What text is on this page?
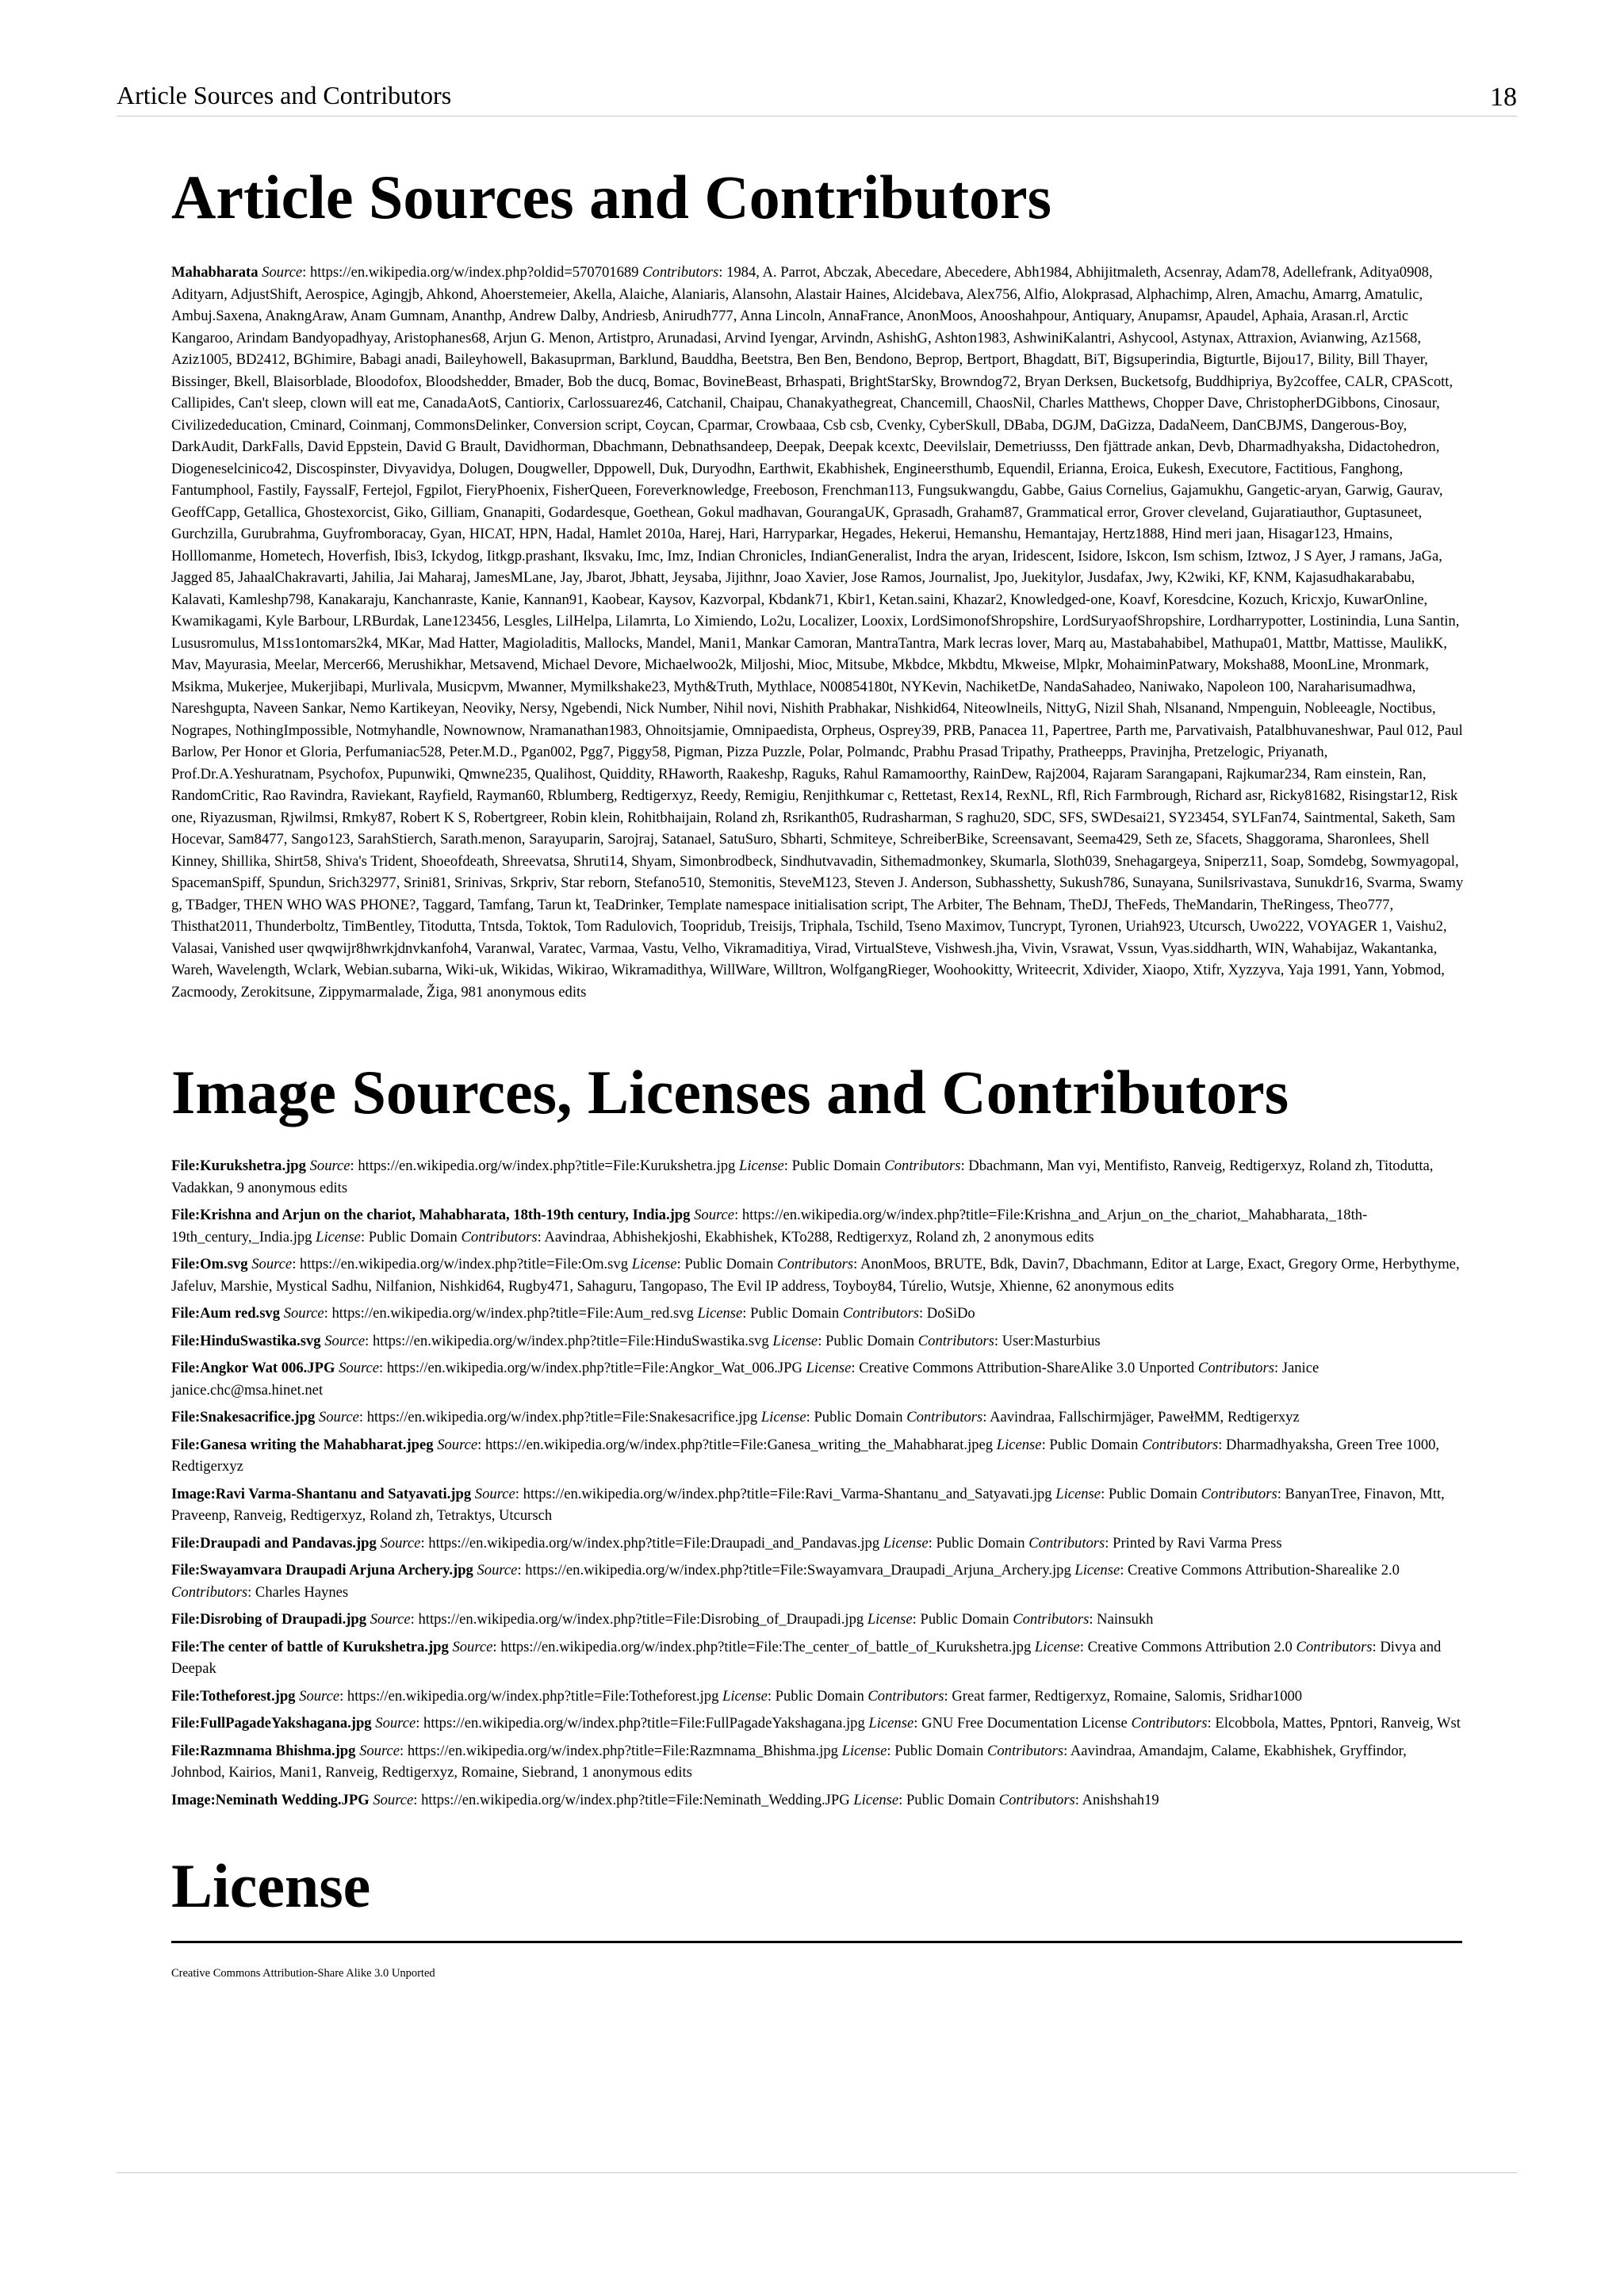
Article Sources and Contributors	18
Article Sources and Contributors

Mahabharata Source: https://en.wikipedia.org/w/index.php?oldid=570701689 Contributors: 1984, A. Parrot, Abczak, Abecedare, Abecedere, Abh1984, Abhijitmaleth, Acsenray, Adam78, Adellefrank, Aditya0908, Adityarn, AdjustShift, Aerospice, Agingjb, Ahkond, Ahoerstemeier, Akella, Alaiche, Alaniaris, Alansohn, Alastair Haines, Alcidebava, Alex756, Alfio, Alokprasad, Alphachimp, Alren, Amachu, Amarrg, Amatulic, Ambuj.Saxena, AnakngAraw, Anam Gumnam, Ananthp, Andrew Dalby, Andriesb, Anirudh777, Anna Lincoln, AnnaFrance, AnonMoos, Anooshahpour, Antiquary, Anupamsr, Apaudel, Aphaia, Arasan.rl, Arctic Kangaroo, Arindam Bandyopadhyay, Aristophanes68, Arjun G. Menon, Artistpro, Arunadasi, Arvind Iyengar, Arvindn, AshishG, Ashton1983, AshwiniKalantri, Ashycool, Astynax, Attraxion, Avianwing, Az1568, Aziz1005, BD2412, BGhimire, Babagi anadi, Baileyhowell, Bakasuprman, Barklund, Bauddha, Beetstra, Ben Ben, Bendono, Beprop, Bertport, Bhagdatt, BiT, Bigsuperindia, Bigturtle, Bijou17, Bility, Bill Thayer, Bissinger, Bkell, Blaisorblade, Bloodofox, Bloodshedder, Bmader, Bob the ducq, Bomac, BovineBeast, Brhaspati, BrightStarSky, Browndog72, Bryan Derksen, Bucketsofg, Buddhipriya, By2coffee, CALR, CPAScott, Callipides, Can't sleep, clown will eat me, CanadaAotS, Cantiorix, Carlossuarez46, Catchanil, Chaipau, Chanakyathegreat, Chancemill, ChaosNil, Charles Matthews, Chopper Dave, ChristopherDGibbons, Cinosaur, Civilizededucation, Cminard, Coinmanj, CommonsDelinker, Conversion script, Coycan, Cparmar, Crowbaaa, Csb csb, Cvenky, CyberSkull, DBaba, DGJM, DaGizza, DadaNeem, DanCBJMS, Dangerous-Boy, DarkAudit, DarkFalls, David Eppstein, David G Brault, Davidhorman, Dbachmann, Debnathsandeep, Deepak, Deepak kcextc, Deevilslair, Demetriusss, Den fjättrade ankan, Devb, Dharmadhyaksha, Didactohedron, Diogeneselcinico42, Discospinster, Divyavidya, Dolugen, Dougweller, Dppowell, Duk, Duryodhn, Earthwit, Ekabhishek, Engineersthumb, Equendil, Erianna, Eroica, Eukesh, Executore, Factitious, Fanghong, Fantumphool, Fastily, FayssalF, Fertejol, Fgpilot, FieryPhoenix, FisherQueen, Foreverknowledge, Freeboson, Frenchman113, Fungsukwangdu, Gabbe, Gaius Cornelius, Gajamukhu, Gangetic-aryan, Garwig, Gaurav, GeoffCapp, Getallica, Ghostexorcist, Giko, Gilliam, Gnanapiti, Godardesque, Goethean, Gokul madhavan, GourangaUK, Gprasadh, Graham87, Grammatical error, Grover cleveland, Gujaratiauthor, Guptasuneet, Gurchzilla, Gurubrahma, Guyfromboracay, Gyan, HICAT, HPN, Hadal, Hamlet 2010a, Harej, Hari, Harryparkar, Hegades, Hekerui, Hemanshu, Hemantajay, Hertz1888, Hind meri jaan, Hisagar123, Hmains, Holllomanme, Hometech, Hoverfish, Ibis3, Ickydog, Iitkgp.prashant, Iksvaku, Imc, Imz, Indian Chronicles, IndianGeneralist, Indra the aryan, Iridescent, Isidore, Iskcon, Ism schism, Iztwoz, J S Ayer, J ramans, JaGa, Jagged 85, JahaalChakravarti, Jahilia, Jai Maharaj, JamesMLane, Jay, Jbarot, Jbhatt, Jeysaba, Jijithnr, Joao Xavier, Jose Ramos, Journalist, Jpo, Juekitylor, Jusdafax, Jwy, K2wiki, KF, KNM, Kajasudhakarababu, Kalavati, Kamleshp798, Kanakaraju, Kanchanraste, Kanie, Kannan91, Kaobear, Kaysov, Kazvorpal, Kbdank71, Kbir1, Ketan.saini, Khazar2, Knowledged-one, Koavf, Koresdcine, Kozuch, Kricxjo, KuwarOnline, Kwamikagami, Kyle Barbour, LRBurdak, Lane123456, Lesgles, LilHelpa, Lilamrta, Lo Ximiendo, Lo2u, Localizer, Looxix, LordSimonofShropshire, LordSuryaofShropshire, Lordharrypotter, Lostinindia, Luna Santin, Lususromulus, M1ss1ontomars2k4, MKar, Mad Hatter, Magioladitis, Mallocks, Mandel, Mani1, Mankar Camoran, MantraTantra, Mark lecras lover, Marq au, Mastabahabibel, Mathupa01, Mattbr, Mattisse, MaulikK, Mav, Mayurasia, Meelar, Mercer66, Merushikhar, Metsavend, Michael Devore, Michaelwoo2k, Miljoshi, Mioc, Mitsube, Mkbdce, Mkbdtu, Mkweise, Mlpkr, MohaiminPatwary, Moksha88, MoonLine, Mronmark, Msikma, Mukerjee, Mukerjibapi, Murlivala, Musicpvm, Mwanner, Mymilkshake23, Myth&Truth, Mythlace, N00854180t, NYKevin, NachiketDe, NandaSahadeo, Naniwako, Napoleon 100, Naraharisumadhwa, Nareshgupta, Naveen Sankar, Nemo Kartikeyan, Neoviky, Nersy, Ngebendi, Nick Number, Nihil novi, Nishith Prabhakar, Nishkid64, Niteowlneils, NittyG, Nizil Shah, Nlsanand, Nmpenguin, Nobleeagle, Noctibus, Nograpes, NothingImpossible, Notmyhandle, Nownownow, Nramanathan1983, Ohnoitsjamie, Omnipaedista, Orpheus, Osprey39, PRB, Panacea 11, Papertree, Parth me, Parvativaish, Patalbhuvaneshwar, Paul 012, Paul Barlow, Per Honor et Gloria, Perfumaniac528, Peter.M.D., Pgan002, Pgg7, Piggy58, Pigman, Pizza Puzzle, Polar, Polmandc, Prabhu Prasad Tripathy, Pratheepps, Pravinjha, Pretzelogic, Priyanath, Prof.Dr.A.Yeshuratnam, Psychofox, Pupunwiki, Qmwne235, Qualihost, Quiddity, RHaworth, Raakeshp, Raguks, Rahul Ramamoorthy, RainDew, Raj2004, Rajaram Sarangapani, Rajkumar234, Ram einstein, Ran, RandomCritic, Rao Ravindra, Raviekant, Rayfield, Rayman60, Rblumberg, Redtigerxyz, Reedy, Remigiu, Renjithkumar c, Rettetast, Rex14, RexNL, Rfl, Rich Farmbrough, Richard asr, Ricky81682, Risingstar12, Risk one, Riyazusman, Rjwilmsi, Rmky87, Robert K S, Robertgreer, Robin klein, Rohitbhaijain, Roland zh, Rsrikanth05, Rudrasharman, S raghu20, SDC, SFS, SWDesai21, SY23454, SYLFan74, Saintmental, Saketh, Sam Hocevar, Sam8477, Sango123, SarahStierch, Sarath.menon, Sarayuparin, Sarojraj, Satanael, SatuSuro, Sbharti, Schmiteye, SchreiberBike, Screensavant, Seema429, Seth ze, Sfacets, Shaggorama, Sharonlees, Shell Kinney, Shillika, Shirt58, Shiva's Trident, Shoeofdeath, Shreevatsa, Shruti14, Shyam, Simonbrodbeck, Sindhutvavadin, Sithemadmonkey, Skumarla, Sloth039, Snehagargeya, Sniperz11, Soap, Somdebg, Sowmyagopal, SpacemanSpiff, Spundun, Srich32977, Srini81, Srinivas, Srkpriv, Star reborn, Stefano510, Stemonitis, SteveM123, Steven J. Anderson, Subhasshetty, Sukush786, Sunayana, Sunilsrivastava, Sunukdr16, Svarma, Swamy g, TBadger, THEN WHO WAS PHONE?, Taggard, Tamfang, Tarun kt, TeaDrinker, Template namespace initialisation script, The Arbiter, The Behnam, TheDJ, TheFeds, TheMandarin, TheRingess, Theo777, Thisthat2011, Thunderboltz, TimBentley, Titodutta, Tntsda, Toktok, Tom Radulovich, Toopridub, Treisijs, Triphala, Tschild, Tseno Maximov, Tuncrypt, Tyronen, Uriah923, Utcursch, Uwo222, VOYAGER 1, Vaishu2, Valasai, Vanished user qwqwijr8hwrkjdnvkanfoh4, Varanwal, Varatec, Varmaa, Vastu, Velho, Vikramaditiya, Virad, VirtualSteve, Vishwesh.jha, Vivin, Vsrawat, Vssun, Vyas.siddharth, WIN, Wahabijaz, Wakantanka, Wareh, Wavelength, Wclark, Webian.subarna, Wiki-uk, Wikidas, Wikirao, Wikramadithya, WillWare, Willtron, WolfgangRieger, Woohookitty, Writeecrit, Xdivider, Xiaopo, Xtifr, Xyzzyva, Yaja 1991, Yann, Yobmod, Zacmoody, Zerokitsune, Zippymarmalade, Žiga, 981 anonymous edits

Image Sources, Licenses and Contributors

File:Kurukshetra.jpg Source: https://en.wikipedia.org/w/index.php?title=File:Kurukshetra.jpg License: Public Domain Contributors: Dbachmann, Man vyi, Mentifisto, Ranveig, Redtigerxyz, Roland zh, Titodutta, Vadakkan, 9 anonymous edits

File:Krishna and Arjun on the chariot, Mahabharata, 18th-19th century, India.jpg Source: https://en.wikipedia.org/w/index.php?title=File:Krishna_and_Arjun_on_the_chariot,_Mahabharata,_18th-19th_century,_India.jpg License: Public Domain Contributors: Aavindraa, Abhishekjoshi, Ekabhishek, KTo288, Redtigerxyz, Roland zh, 2 anonymous edits

File:Om.svg Source: https://en.wikipedia.org/w/index.php?title=File:Om.svg License: Public Domain Contributors: AnonMoos, BRUTE, Bdk, Davin7, Dbachmann, Editor at Large, Exact, Gregory Orme, Herbythyme, Jafeluv, Marshie, Mystical Sadhu, Nilfanion, Nishkid64, Rugby471, Sahaguru, Tangopaso, The Evil IP address, Toyboy84, Túrelio, Wutsje, Xhienne, 62 anonymous edits

File:Aum red.svg Source: https://en.wikipedia.org/w/index.php?title=File:Aum_red.svg License: Public Domain Contributors: DoSiDo

File:HinduSwastika.svg Source: https://en.wikipedia.org/w/index.php?title=File:HinduSwastika.svg License: Public Domain Contributors: User:Masturbius

File:Angkor Wat 006.JPG Source: https://en.wikipedia.org/w/index.php?title=File:Angkor_Wat_006.JPG License: Creative Commons Attribution-ShareAlike 3.0 Unported Contributors: Janice janice.chc@msa.hinet.net

File:Snakesacrifice.jpg Source: https://en.wikipedia.org/w/index.php?title=File:Snakesacrifice.jpg License: Public Domain Contributors: Aavindraa, Fallschirmjäger, PawełMM, Redtigerxyz

File:Ganesa writing the Mahabharat.jpeg Source: https://en.wikipedia.org/w/index.php?title=File:Ganesa_writing_the_Mahabharat.jpeg License: Public Domain Contributors: Dharmadhyaksha, Green Tree 1000, Redtigerxyz

Image:Ravi Varma-Shantanu and Satyavati.jpg Source: https://en.wikipedia.org/w/index.php?title=File:Ravi_Varma-Shantanu_and_Satyavati.jpg License: Public Domain Contributors: BanyanTree, Finavon, Mtt, Praveenp, Ranveig, Redtigerxyz, Roland zh, Tetraktys, Utcursch

File:Draupadi and Pandavas.jpg Source: https://en.wikipedia.org/w/index.php?title=File:Draupadi_and_Pandavas.jpg License: Public Domain Contributors: Printed by Ravi Varma Press

File:Swayamvara Draupadi Arjuna Archery.jpg Source: https://en.wikipedia.org/w/index.php?title=File:Swayamvara_Draupadi_Arjuna_Archery.jpg License: Creative Commons Attribution-Sharealike 2.0 Contributors: Charles Haynes

File:Disrobing of Draupadi.jpg Source: https://en.wikipedia.org/w/index.php?title=File:Disrobing_of_Draupadi.jpg License: Public Domain Contributors: Nainsukh

File:The center of battle of Kurukshetra.jpg Source: https://en.wikipedia.org/w/index.php?title=File:The_center_of_battle_of_Kurukshetra.jpg License: Creative Commons Attribution 2.0 Contributors: Divya and Deepak

File:Totheforest.jpg Source: https://en.wikipedia.org/w/index.php?title=File:Totheforest.jpg License: Public Domain Contributors: Great farmer, Redtigerxyz, Romaine, Salomis, Sridhar1000

File:FullPagadeYakshagana.jpg Source: https://en.wikipedia.org/w/index.php?title=File:FullPagadeYakshagana.jpg License: GNU Free Documentation License Contributors: Elcobbola, Mattes, Ppntori, Ranveig, Wst

File:Razmnama Bhishma.jpg Source: https://en.wikipedia.org/w/index.php?title=File:Razmnama_Bhishma.jpg License: Public Domain Contributors: Aavindraa, Amandajm, Calame, Ekabhishek, Gryffindor, Johnbod, Kairios, Mani1, Ranveig, Redtigerxyz, Romaine, Siebrand, 1 anonymous edits

Image:Neminath Wedding.JPG Source: https://en.wikipedia.org/w/index.php?title=File:Neminath_Wedding.JPG License: Public Domain Contributors: Anishshah19

License
Creative Commons Attribution-Share Alike 3.0 Unported
